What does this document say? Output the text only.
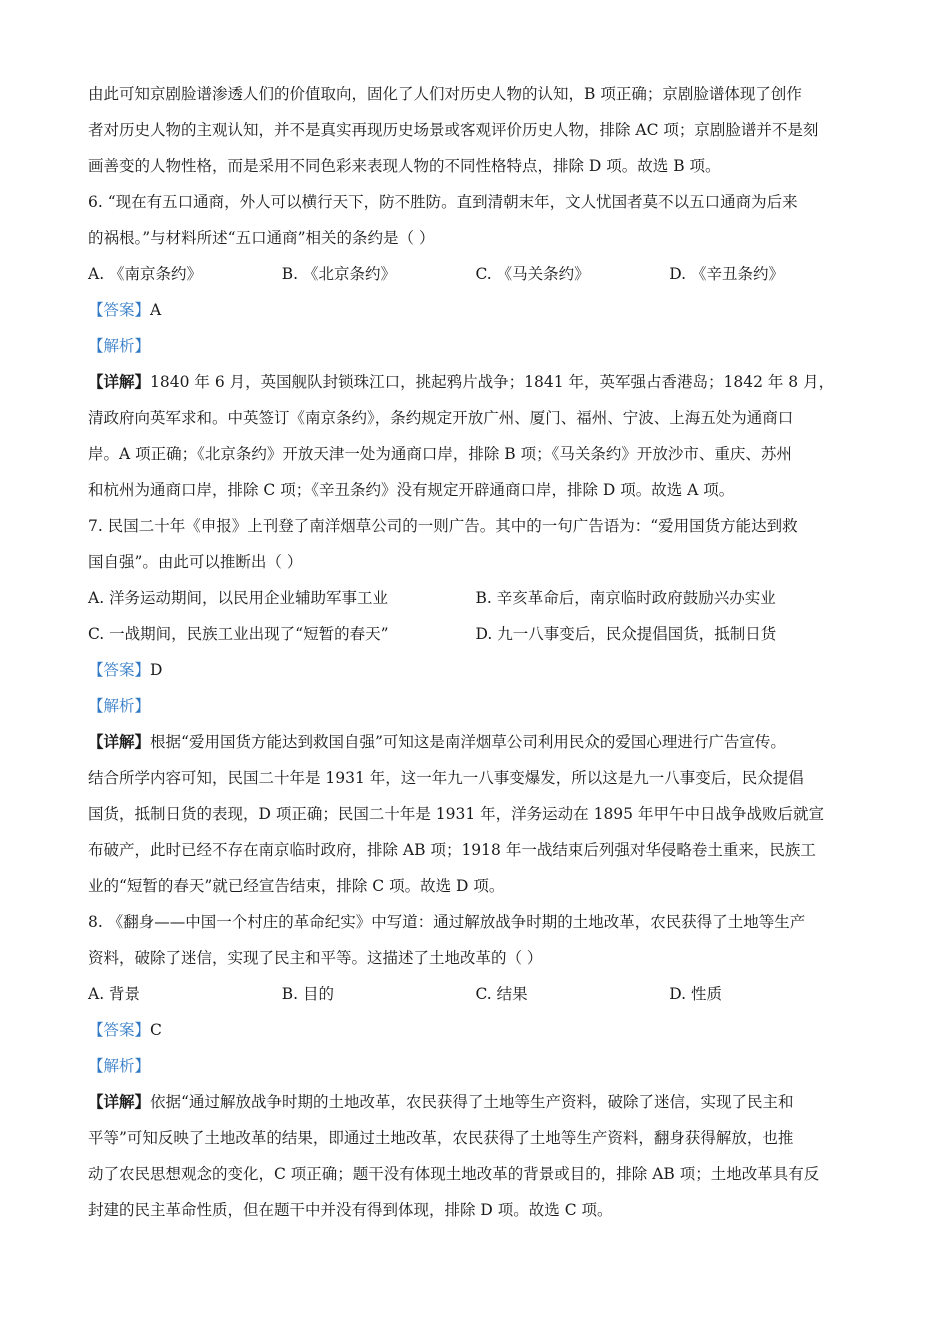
由此可知京剧脸谱渗透人们的价值取向，固化了人们对历史人物的认知，B 项正确；京剧脸谱体现了创作
者对历史人物的主观认知，并不是真实再现历史场景或客观评价历史人物，排除 AC 项；京剧脸谱并不是刻
画善变的人物性格，而是采用不同色彩来表现人物的不同性格特点，排除 D 项。故选 B 项。
6. “现在有五口通商，外人可以横行天下，防不胜防。直到清朝末年，文人忧国者莫不以五口通商为后来
的祸根。”与材料所述“五口通商”相关的条约是（ ）
A. 《南京条约》	B. 《北京条约》	C. 《马关条约》	D. 《辛丑条约》
【答案】A
【解析】
【详解】1840 年 6 月，英国舰队封锁珠江口，挑起鸦片战争；1841 年，英军强占香港岛；1842 年 8 月，
清政府向英军求和。中英签订《南京条约》，条约规定开放广州、厦门、福州、宁波、上海五处为通商口
岸。A 项正确；《北京条约》开放天津一处为通商口岸，排除 B 项；《马关条约》开放沙市、重庆、苏州
和杭州为通商口岸，排除 C 项；《辛丑条约》没有规定开辟通商口岸，排除 D 项。故选 A 项。
7. 民国二十年《申报》上刊登了南洋烟草公司的一则广告。其中的一句广告语为：“爱用国货方能达到救
国自强”。由此可以推断出（ ）
A. 洋务运动期间，以民用企业辅助军事工业	B. 辛亥革命后，南京临时政府鼓励兴办实业
C. 一战期间，民族工业出现了“短暂的春天”	D. 九一八事变后，民众提倡国货，抵制日货
【答案】D
【解析】
【详解】根据“爱用国货方能达到救国自强”可知这是南洋烟草公司利用民众的爱国心理进行广告宣传。
结合所学内容可知，民国二十年是 1931 年，这一年九一八事变爆发，所以这是九一八事变后，民众提倡
国货，抵制日货的表现，D 项正确；民国二十年是 1931 年，洋务运动在 1895 年甲午中日战争战败后就宣
布破产，此时已经不存在南京临时政府，排除 AB 项；1918 年一战结束后列强对华侵略卷土重来，民族工
业的“短暂的春天”就已经宣告结束，排除 C 项。故选 D 项。
8. 《翻身——中国一个村庄的革命纪实》中写道：通过解放战争时期的土地改革，农民获得了土地等生产
资料，破除了迷信，实现了民主和平等。这描述了土地改革的（ ）
A. 背景	B. 目的	C. 结果	D. 性质
【答案】C
【解析】
【详解】依据“通过解放战争时期的土地改革，农民获得了土地等生产资料，破除了迷信，实现了民主和
平等”可知反映了土地改革的结果，即通过土地改革，农民获得了土地等生产资料，翻身获得解放，也推
动了农民思想观念的变化，C 项正确；题干没有体现土地改革的背景或目的，排除 AB 项；土地改革具有反
封建的民主革命性质，但在题干中并没有得到体现，排除 D 项。故选 C 项。
